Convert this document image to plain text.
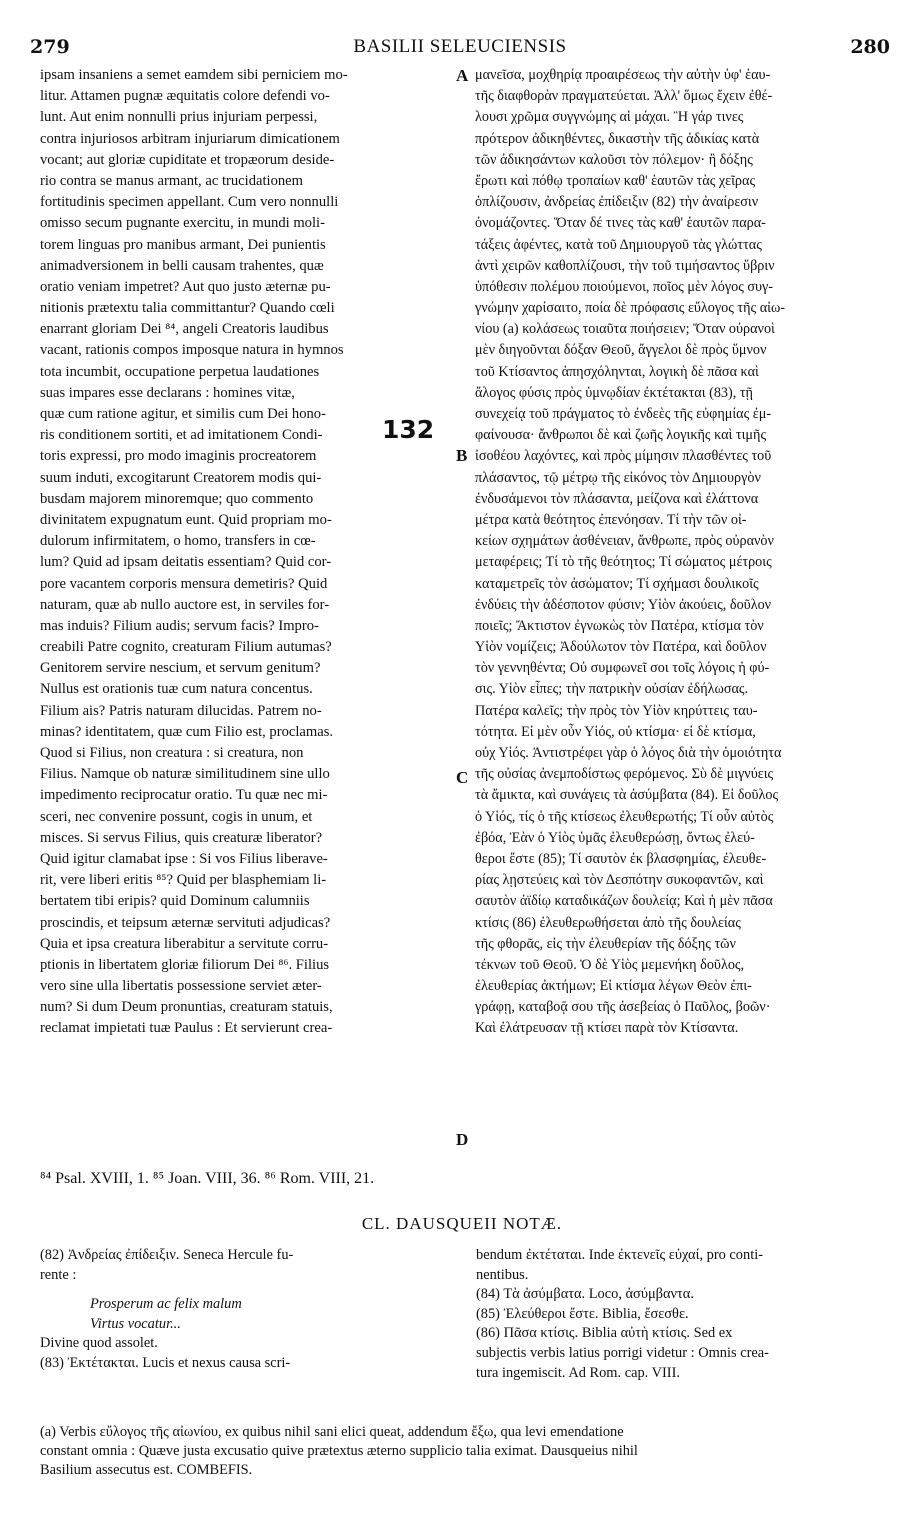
279	BASILII SELEUCIENSIS	280
ipsam insaniens a semet eamdem sibi perniciem mo-
litur. Attamen pugnæ æquitatis colore defendi vo-
lunt. Aut enim nonnulli prius injuriam perpessi,
contra injuriosos arbitram injuriarum dimicationem
vocant; aut gloriæ cupiditate et tropæorum deside-
rio contra se manus armant, ac trucidationem
fortitudinis specimen appellant. Cum vero nonnulli
omisso secum pugnante exercitu, in mundi moli-
torem linguas pro manibus armant, Dei punientis
animadversionem in belli causam trahentes, quæ
oratio veniam impetret? Aut quo justo æternæ pu-
nitionis prætextu talia committantur? Quando cœli
enarrant gloriam Dei ⁸⁴, angeli Creatoris laudibus
vacant, rationis compos imposque natura in hymnos
tota incumbit, occupatione perpetua laudationes
suas impares esse declarans : homines vitæ,
quæ cum ratione agitur, et similis cum Dei hono-
ris conditionem sortiti, et ad imitationem Condi-
toris expressi, pro modo imaginis procreatorem
suum induti, excogitarunt Creatorem modis qui-
busdam majorem minoremque; quo commento
divinitatem expugnatum eunt. Quid propriam mo-
dulorum infirmitatem, o homo, transfers in cœ-
lum? Quid ad ipsam deitatis essentiam? Quid cor-
pore vacantem corporis mensura demetiris? Quid
naturam, quæ ab nullo auctore est, in serviles for-
mas induis? Filium audis; servum facis? Impro-
creabili Patre cognito, creaturam Filium autumas?
Genitorem servire nescium, et servum genitum?
Nullus est orationis tuæ cum natura concentus.
Filium ais? Patris naturam dilucidas. Patrem no-
minas? identitatem, quæ cum Filio est, proclamas.
Quod si Filius, non creatura : si creatura, non
Filius. Namque ob naturæ similitudinem sine ullo
impedimento reciprocatur oratio. Tu quæ nec mi-
sceri, nec convenire possunt, cogis in unum, et
misces. Si servus Filius, quis creaturæ liberator?
Quid igitur clamabat ipse : Si vos Filius liberave-
rit, vere liberi eritis ⁸⁵? Quid per blasphemiam li-
bertatem tibi eripis? quid Dominum calumniis
proscindis, et teipsum æternæ servituti adjudicas?
Quia et ipsa creatura liberabitur a servitute corru-
ptionis in libertatem gloriæ filiorum Dei ⁸⁶. Filius
vero sine ulla libertatis possessione serviet æter-
num? Si dum Deum pronuntias, creaturam statuis,
reclamat impietati tuæ Paulus : Et servierunt crea-
μανεῖσα, μοχθηρίᾳ προαιρέσεως τὴν αὐτὴν ὑφ' ἑαυ-
τῆς διαφθορὰν πραγματεύεται. Ἀλλ' ὅμως ἔχειν ἐθέ-
λουσι χρῶμα συγγνώμης αἱ μάχαι. Ἢ γάρ τινες
πρότερον ἀδικηθέντες, δικαστὴν τῆς ἀδικίας κατὰ
τῶν ἀδικησάντων καλοῦσι τὸν πόλεμον· ἢ δόξης
ἔρωτι καὶ πόθῳ τροπαίων καθ' ἑαυτῶν τὰς χεῖρας
ὁπλίζουσιν, ἀνδρείας ἐπίδειξιν (82) τὴν ἀναίρεσιν
ὀνομάζοντες. Ὅταν δέ τινες τὰς καθ' ἑαυτῶν παρα-
τάξεις ἀφέντες, κατὰ τοῦ Δημιουργοῦ τὰς γλώττας
ἀντὶ χειρῶν καθοπλίζουσι, τὴν τοῦ τιμήσαντος ὕβριν
ὑπόθεσιν πολέμου ποιούμενοι, ποῖος μὲν λόγος συγ-
γνώμην χαρίσαιτο, ποία δὲ πρόφασις εὔλογος τῆς αἰω-
νίου (a) κολάσεως τοιαῦτα ποιήσειεν; Ὅταν οὐρανοὶ
μὲν διηγοῦνται δόξαν Θεοῦ, ἄγγελοι δὲ πρὸς ὕμνον
τοῦ Κτίσαντος ἀπησχόληνται, λογικὴ δὲ πᾶσα καὶ
ἄλογος φύσις πρὸς ὑμνῳδίαν ἐκτέτακται (83), τῇ
συνεχείᾳ τοῦ πράγματος τὸ ἐνδεὲς τῆς εὐφημίας ἐμ-
φαίνουσα· ἄνθρωποι δὲ καὶ ζωῆς λογικῆς καὶ τιμῆς
ἰσοθέου λαχόντες, καὶ πρὸς μίμησιν πλασθέντες τοῦ
πλάσαντος, τῷ μέτρῳ τῆς εἰκόνος τὸν Δημιουργὸν
ἐνδυσάμενοι τὸν πλάσαντα, μείζονα καὶ ἐλάττονα
μέτρα κατὰ θεότητος ἐπενόησαν. Τί τὴν τῶν οἰ-
κείων σχημάτων ἀσθένειαν, ἄνθρωπε, πρὸς οὐρανὸν
μεταφέρεις; Τί τὸ τῆς θεότητος; Τί σώματος μέτροις
καταμετρεῖς τὸν ἀσώματον; Τί σχήμασι δουλικοῖς
ἐνδύεις τὴν ἀδέσποτον φύσιν; Υἱὸν ἀκούεις, δοῦλον
ποιεῖς; Ἄκτιστον ἐγνωκὼς τὸν Πατέρα, κτίσμα τὸν
Υἱὸν νομίζεις; Ἀδούλωτον τὸν Πατέρα, καὶ δοῦλον
τὸν γεννηθέντα; Οὐ συμφωνεῖ σοι τοῖς λόγοις ἡ φύ-
σις. Υἱὸν εἶπες; τὴν πατρικὴν οὐσίαν ἐδήλωσας.
Πατέρα καλεῖς; τὴν πρὸς τὸν Υἱὸν κηρύττεις ταυ-
τότητα. Εἰ μὲν οὖν Υἱός, οὐ κτίσμα· εἰ δὲ κτίσμα,
οὐχ Υἱός. Ἀντιστρέφει γὰρ ὁ λόγος διὰ τὴν ὁμοιότητα
τῆς οὐσίας ἀνεμποδίστως φερόμενος. Σὺ δὲ μιγνύεις
τὰ ἄμικτα, καὶ συνάγεις τὰ ἀσύμβατα (84). Εἰ δοῦλος
ὁ Υἱός, τίς ὁ τῆς κτίσεως ἐλευθερωτής; Τί οὖν αὐτὸς
ἐβόα, Ἐὰν ὁ Υἱὸς ὑμᾶς ἐλευθερώσῃ, ὄντως ἐλεύ-
θεροι ἔστε (85); Τί σαυτὸν ἐκ βλασφημίας, ἐλευθε-
ρίας λῃστεύεις καὶ τὸν Δεσπότην συκοφαντῶν, καὶ
σαυτὸν ἀϊδίῳ καταδικάζων δουλείᾳ; Καὶ ἡ μὲν πᾶσα
κτίσις (86) ἐλευθερωθήσεται ἀπὸ τῆς δουλείας
τῆς φθορᾶς, εἰς τὴν ἐλευθερίαν τῆς δόξης τῶν
τέκνων τοῦ Θεοῦ. Ὁ δὲ Υἱὸς μεμενήκη δοῦλος,
ἐλευθερίας ἀκτήμων; Εἰ κτίσμα λέγων Θεὸν ἐπι-
γράφῃ, καταβοᾷ σου τῆς ἀσεβείας ὁ Παῦλος, βοῶν·
Καὶ ἐλάτρευσαν τῇ κτίσει παρὰ τὸν Κτίσαντα.
A
B
C
D
132
⁸⁴ Psal. XVIII, 1. ⁸⁵ Joan. VIII, 36. ⁸⁶ Rom. VIII, 21.
CL. DAUSQUEII NOTÆ.
(82) Ἀνδρείας ἐπίδειξιν. Seneca Hercule fu-
rente :
Prosperum ac felix malum
Virtus vocatur...
Divine quod assolet.
(83) Ἐκτέτακται. Lucis et nexus causa scri-
bendum ἐκτέταται. Inde ἐκτενεῖς εὐχαί, pro conti-
nentibus.
(84) Τὰ ἀσύμβατα. Loco, ἀσύμβαντα.
(85) Ἐλεύθεροι ἔστε. Biblia, ἔσεσθε.
(86) Πᾶσα κτίσις. Biblia αὐτὴ κτίσις. Sed ex
subjectis verbis latius porrigi videtur : Omnis crea-
tura ingemiscit. Ad Rom. cap. VIII.
(a) Verbis εὔλογος τῆς αἰωνίου, ex quibus nihil sani elici queat, addendum ἔξω, qua levi emendatione
constant omnia : Quæve justa excusatio quive prætextus æterno supplicio talia eximat. Dausqueius nihil
Basilium assecutus est. COMBEFIS.
